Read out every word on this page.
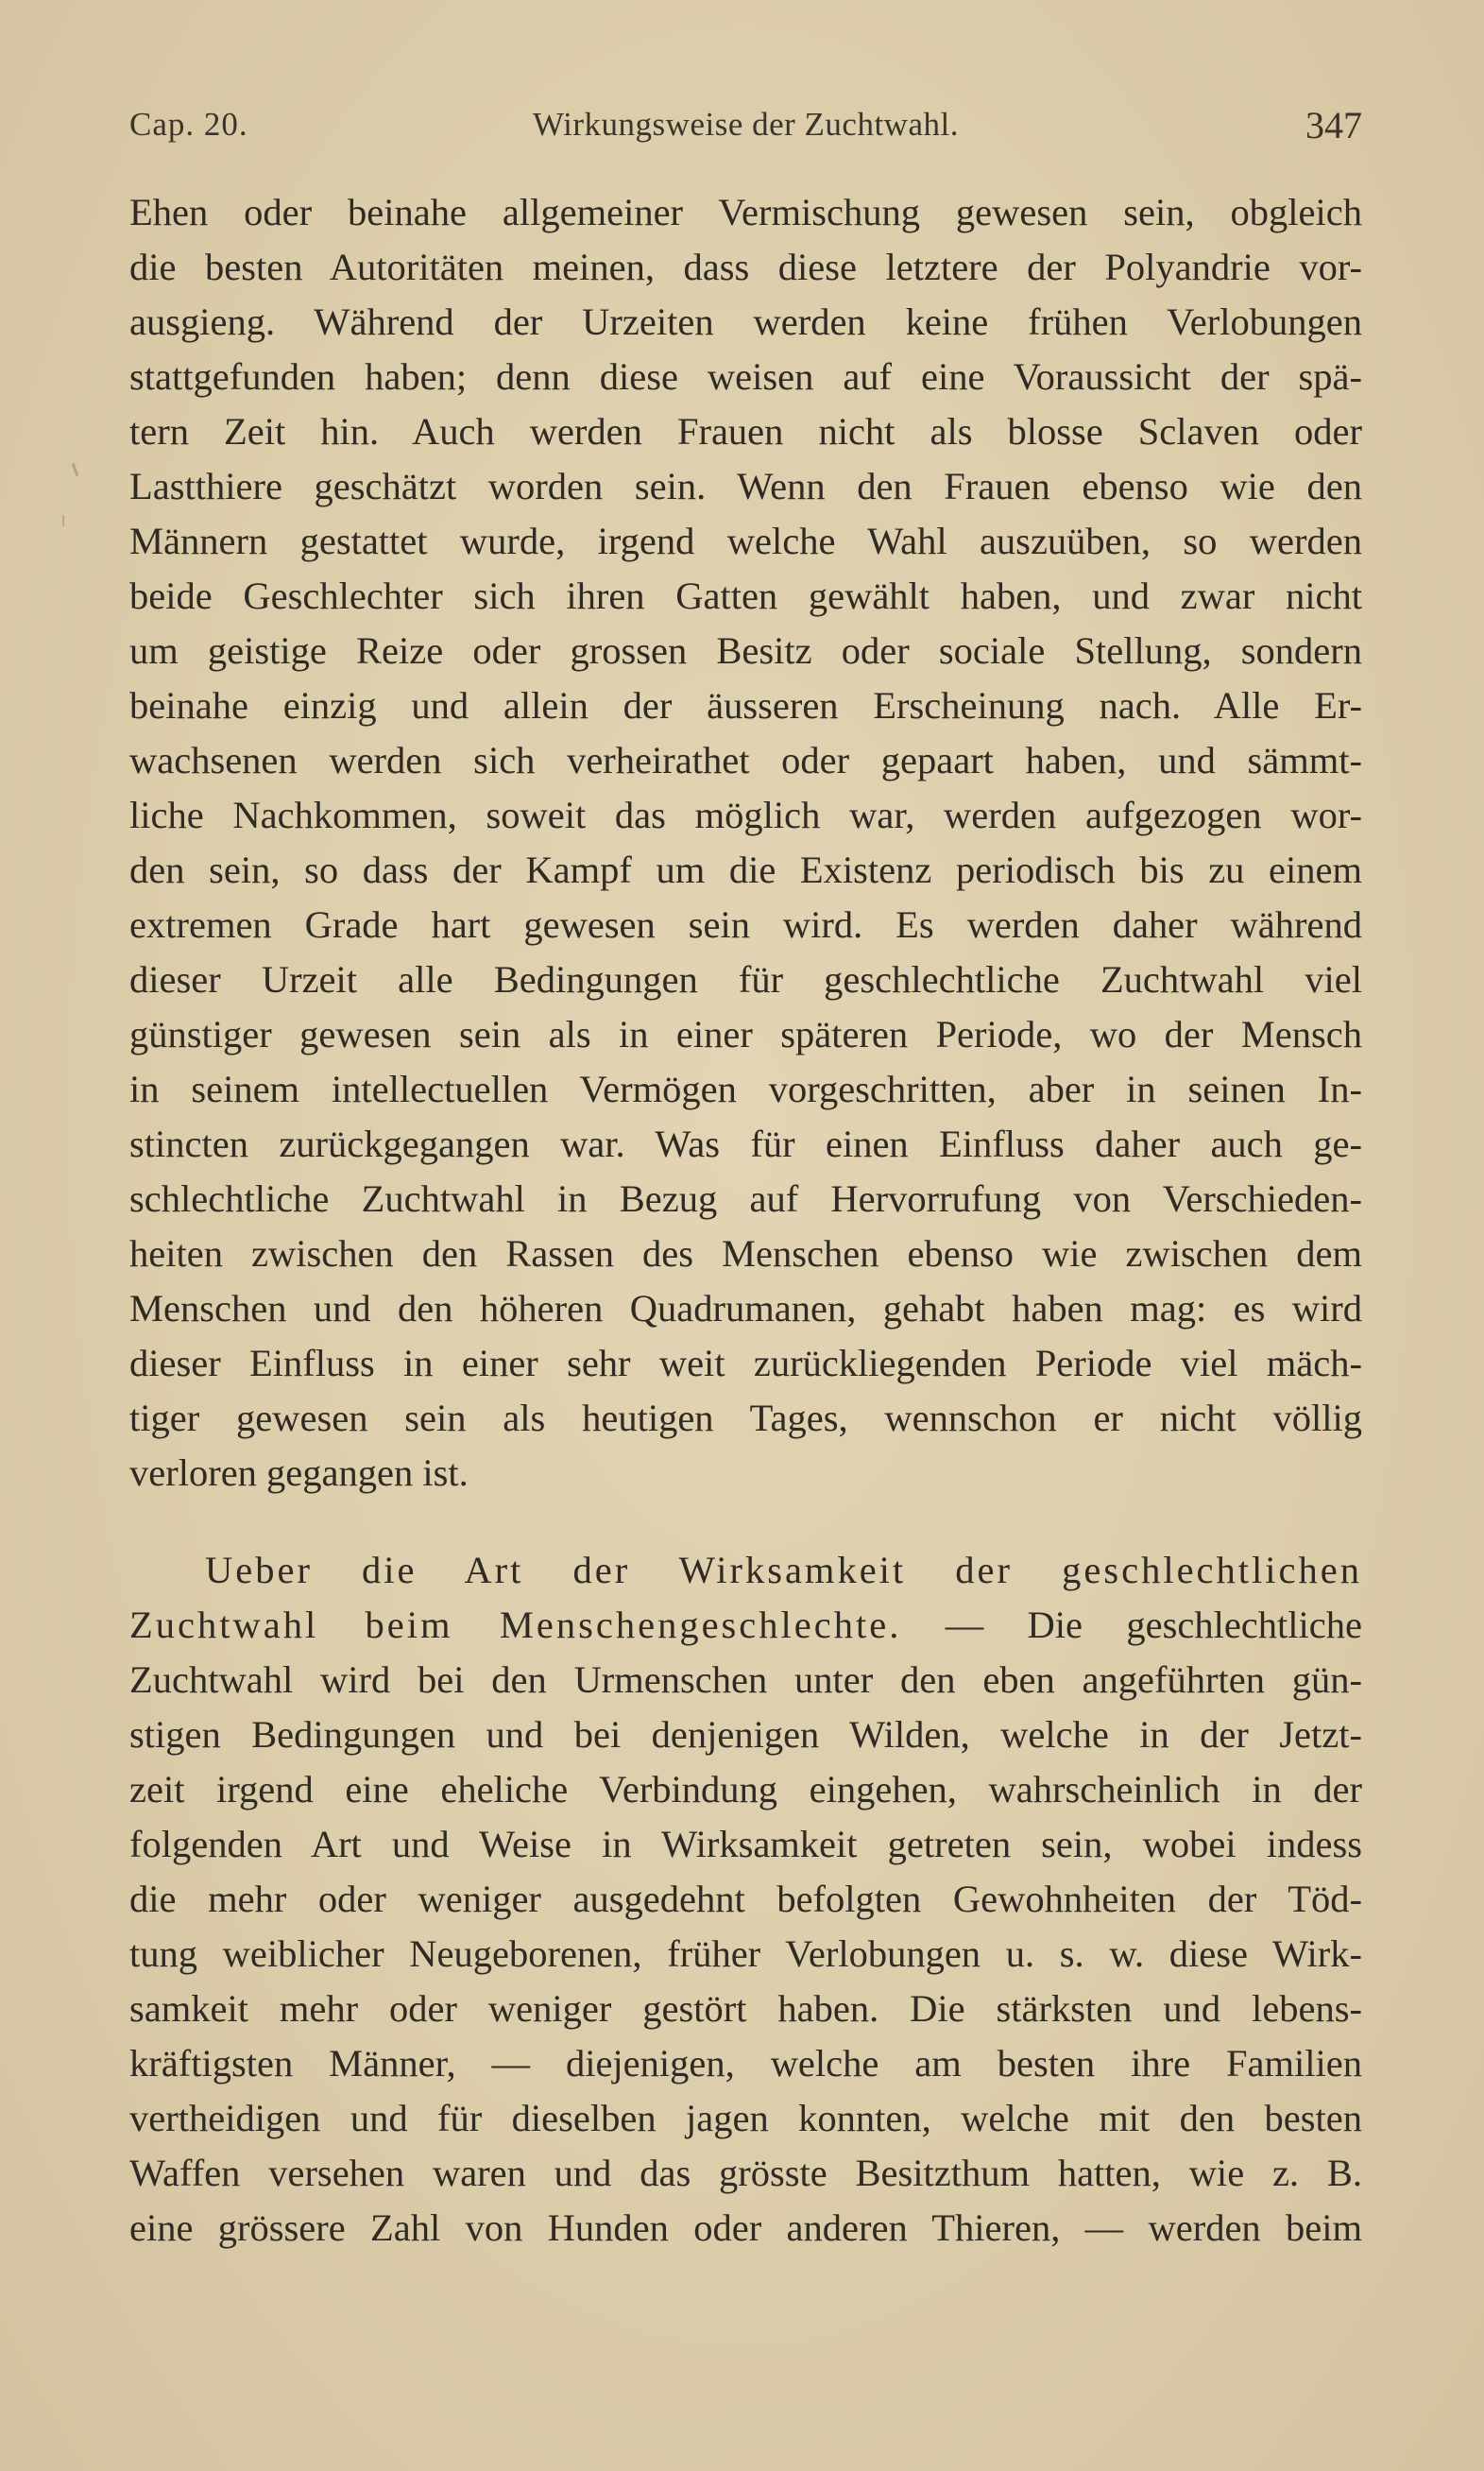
Cap. 20.	Wirkungsweise der Zuchtwahl.	347
Ehen oder beinahe allgemeiner Vermischung gewesen sein, obgleich
die besten Autoritäten meinen, dass diese letztere der Polyandrie vor-
ausgieng. Während der Urzeiten werden keine frühen Verlobungen
stattgefunden haben; denn diese weisen auf eine Voraussicht der spä-
tern Zeit hin. Auch werden Frauen nicht als blosse Sclaven oder
Lastthiere geschätzt worden sein. Wenn den Frauen ebenso wie den
Männern gestattet wurde, irgend welche Wahl auszuüben, so werden
beide Geschlechter sich ihren Gatten gewählt haben, und zwar nicht
um geistige Reize oder grossen Besitz oder sociale Stellung, sondern
beinahe einzig und allein der äusseren Erscheinung nach. Alle Er-
wachsenen werden sich verheirathet oder gepaart haben, und sämmt-
liche Nachkommen, soweit das möglich war, werden aufgezogen wor-
den sein, so dass der Kampf um die Existenz periodisch bis zu einem
extremen Grade hart gewesen sein wird. Es werden daher während
dieser Urzeit alle Bedingungen für geschlechtliche Zuchtwahl viel
günstiger gewesen sein als in einer späteren Periode, wo der Mensch
in seinem intellectuellen Vermögen vorgeschritten, aber in seinen In-
stincten zurückgegangen war. Was für einen Einfluss daher auch ge-
schlechtliche Zuchtwahl in Bezug auf Hervorrufung von Verschieden-
heiten zwischen den Rassen des Menschen ebenso wie zwischen dem
Menschen und den höheren Quadrumanen, gehabt haben mag: es wird
dieser Einfluss in einer sehr weit zurückliegenden Periode viel mäch-
tiger gewesen sein als heutigen Tages, wennschon er nicht völlig
verloren gegangen ist.
Ueber die Art der Wirksamkeit der geschlechtlichen
Zuchtwahl beim Menschengeschlechte. — Die geschlechtliche
Zuchtwahl wird bei den Urmenschen unter den eben angeführten gün-
stigen Bedingungen und bei denjenigen Wilden, welche in der Jetzt-
zeit irgend eine eheliche Verbindung eingehen, wahrscheinlich in der
folgenden Art und Weise in Wirksamkeit getreten sein, wobei indess
die mehr oder weniger ausgedehnt befolgten Gewohnheiten der Töd-
tung weiblicher Neugeborenen, früher Verlobungen u. s. w. diese Wirk-
samkeit mehr oder weniger gestört haben. Die stärksten und lebens-
kräftigsten Männer, — diejenigen, welche am besten ihre Familien
vertheidigen und für dieselben jagen konnten, welche mit den besten
Waffen versehen waren und das grösste Besitzthum hatten, wie z. B.
eine grössere Zahl von Hunden oder anderen Thieren, — werden beim
